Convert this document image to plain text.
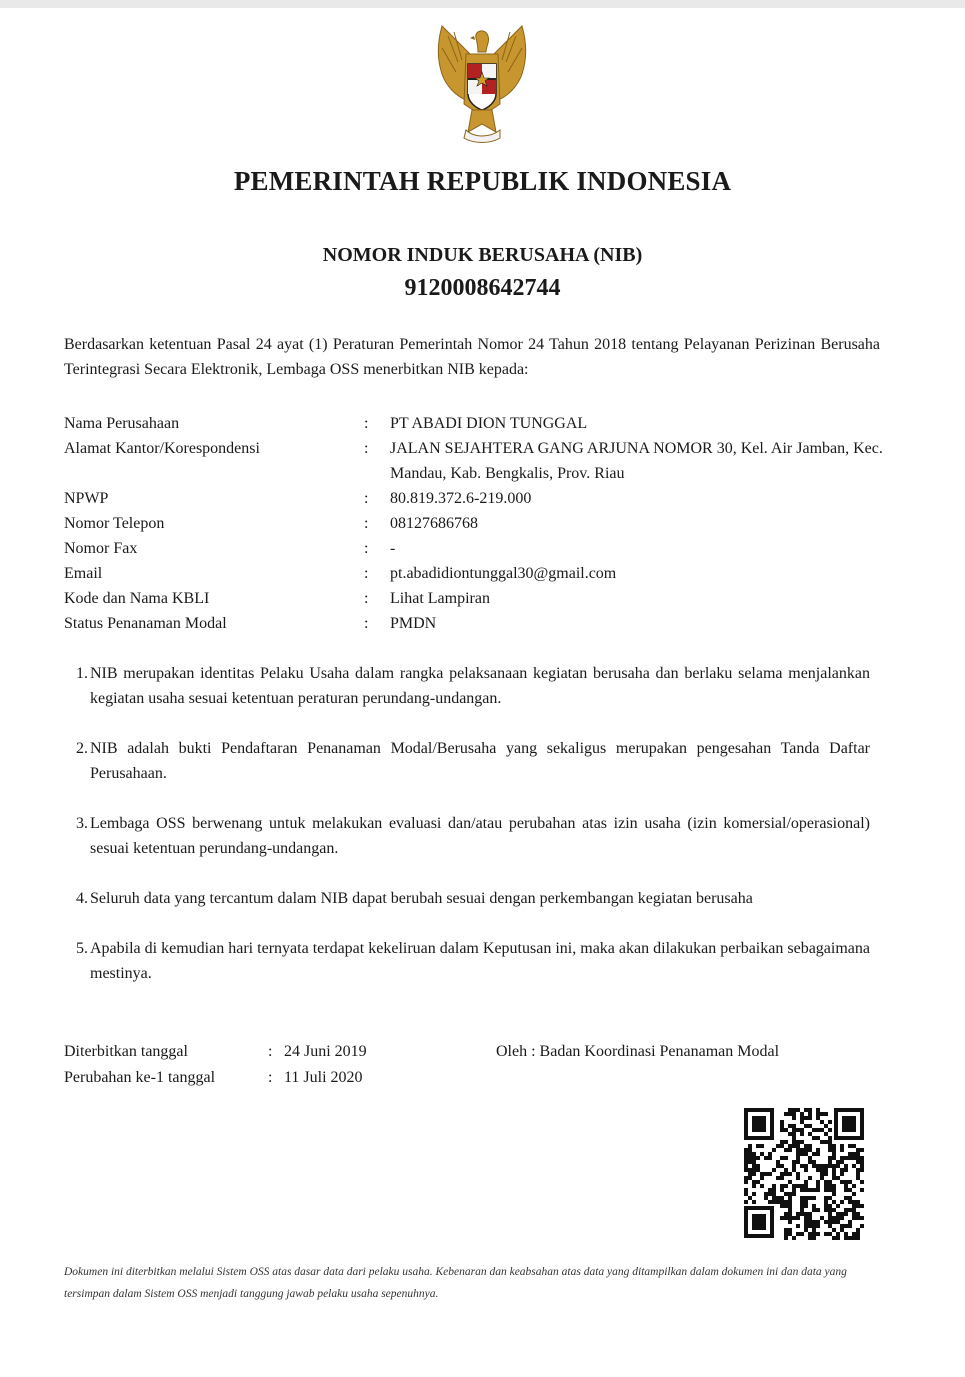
PEMERINTAH REPUBLIK INDONESIA
NOMOR INDUK BERUSAHA (NIB)
9120008642744
Berdasarkan ketentuan Pasal 24 ayat (1) Peraturan Pemerintah Nomor 24 Tahun 2018 tentang Pelayanan Perizinan Berusaha Terintegrasi Secara Elektronik, Lembaga OSS menerbitkan NIB kepada:
Nama Perusahaan	:	PT ABADI DION TUNGGAL
Alamat Kantor/Korespondensi	:	JALAN SEJAHTERA GANG ARJUNA NOMOR 30, Kel. Air Jamban, Kec. Mandau, Kab. Bengkalis, Prov. Riau
NPWP	:	80.819.372.6-219.000
Nomor Telepon	:	08127686768
Nomor Fax	:	-
Email	:	pt.abadidiontunggal30@gmail.com
Kode dan Nama KBLI	:	Lihat Lampiran
Status Penanaman Modal	:	PMDN
1. NIB merupakan identitas Pelaku Usaha dalam rangka pelaksanaan kegiatan berusaha dan berlaku selama menjalankan kegiatan usaha sesuai ketentuan peraturan perundang-undangan.
2. NIB adalah bukti Pendaftaran Penanaman Modal/Berusaha yang sekaligus merupakan pengesahan Tanda Daftar Perusahaan.
3. Lembaga OSS berwenang untuk melakukan evaluasi dan/atau perubahan atas izin usaha (izin komersial/operasional) sesuai ketentuan perundang-undangan.
4. Seluruh data yang tercantum dalam NIB dapat berubah sesuai dengan perkembangan kegiatan berusaha
5. Apabila di kemudian hari ternyata terdapat kekeliruan dalam Keputusan ini, maka akan dilakukan perbaikan sebagaimana mestinya.
Diterbitkan tanggal	: 24 Juni 2019
Perubahan ke-1 tanggal	: 11 Juli 2020
Oleh : Badan Koordinasi Penanaman Modal
Dokumen ini diterbitkan melalui Sistem OSS atas dasar data dari pelaku usaha. Kebenaran dan keabsahan atas data yang ditampilkan dalam dokumen ini dan data yang tersimpan dalam Sistem OSS menjadi tanggung jawab pelaku usaha sepenuhnya.
